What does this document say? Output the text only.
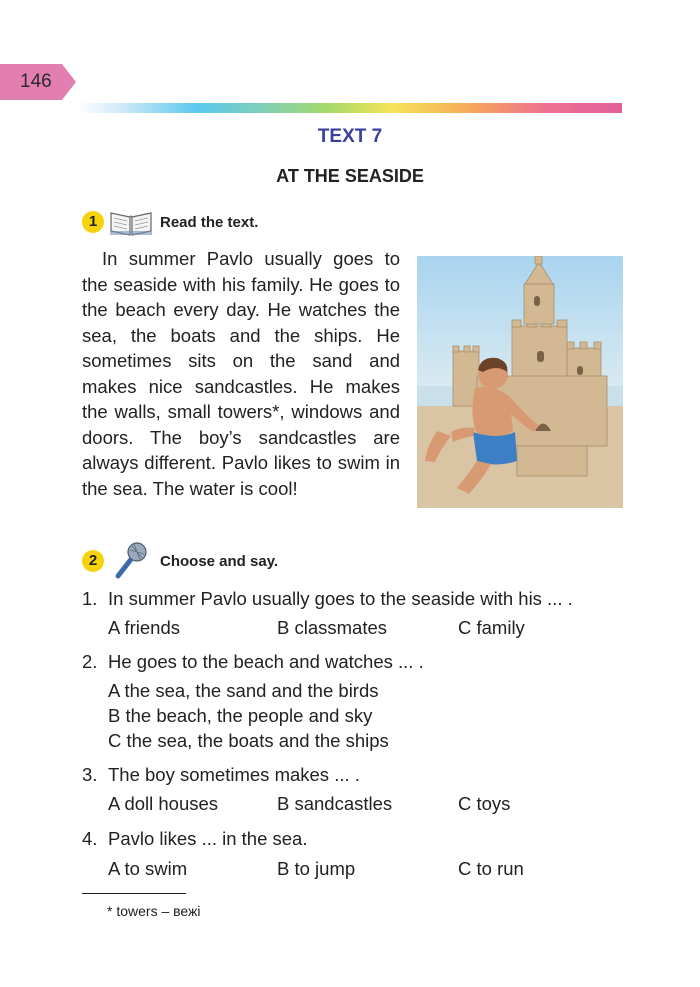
146
TEXT 7
AT THE SEASIDE
1	Read the text.

In summer Pavlo usually goes to the seaside with his family. He goes to the beach every day. He watches the sea, the boats and the ships. He sometimes sits on the sand and makes nice sandcastles. He makes the walls, small towers*, windows and doors. The boy’s sandcastles are always different. Pavlo likes to swim in the sea. The water is cool!

2	Choose and say.
1. In summer Pavlo usually goes to the seaside with his ... .
A friends	B classmates	C family
2. He goes to the beach and watches ... .
A the sea, the sand and the birds
B the beach, the people and sky
C the sea, the boats and the ships
3. The boy sometimes makes ... .
A doll houses	B sandcastles	C toys
4. Pavlo likes ... in the sea.
A to swim	B to jump	C to run
* towers – вежі
